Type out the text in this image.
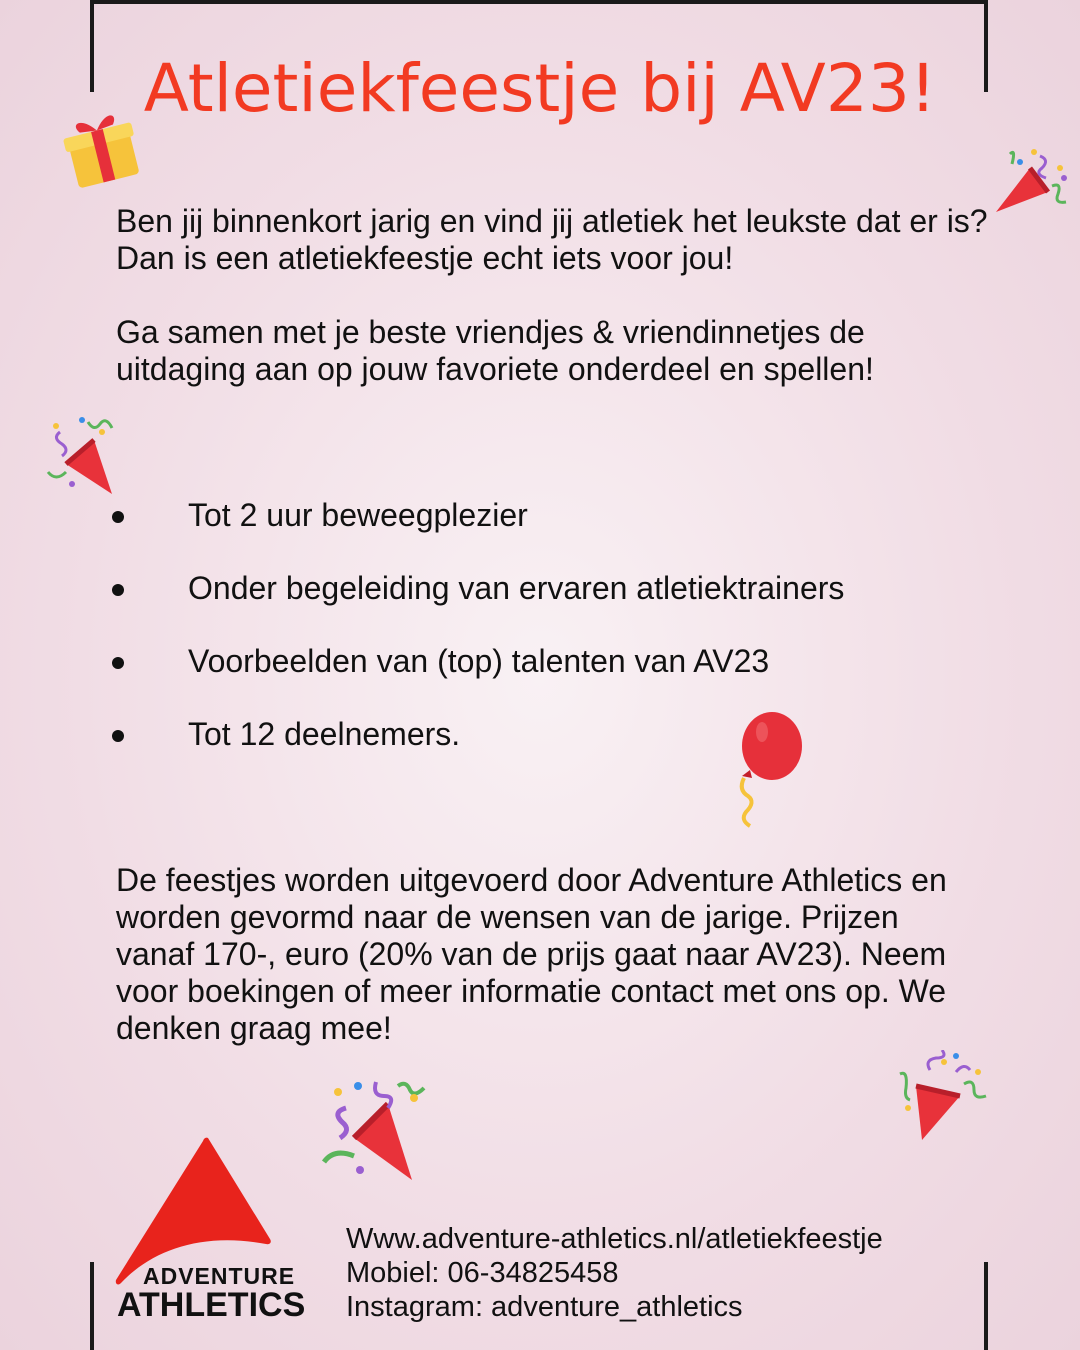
Atletiekfeestje bij AV23!

Ben jij binnenkort jarig en vind jij atletiek het leukste dat er is? Dan is een atletiekfeestje echt iets voor jou!

Ga samen met je beste vriendjes & vriendinnetjes de uitdaging aan op jouw favoriete onderdeel en spellen!

Tot 2 uur beweegplezier
Onder begeleiding van ervaren atletiektrainers
Voorbeelden van (top) talenten van AV23
Tot 12 deelnemers.

De feestjes worden uitgevoerd door Adventure Athletics en worden gevormd naar de wensen van de jarige. Prijzen vanaf 170-, euro (20% van de prijs gaat naar AV23). Neem voor boekingen of meer informatie contact met ons op. We denken graag mee!

ADVENTURE
ATHLETICS
Www.adventure-athletics.nl/atletiekfeestje
Mobiel: 06-34825458
Instagram: adventure_athletics
